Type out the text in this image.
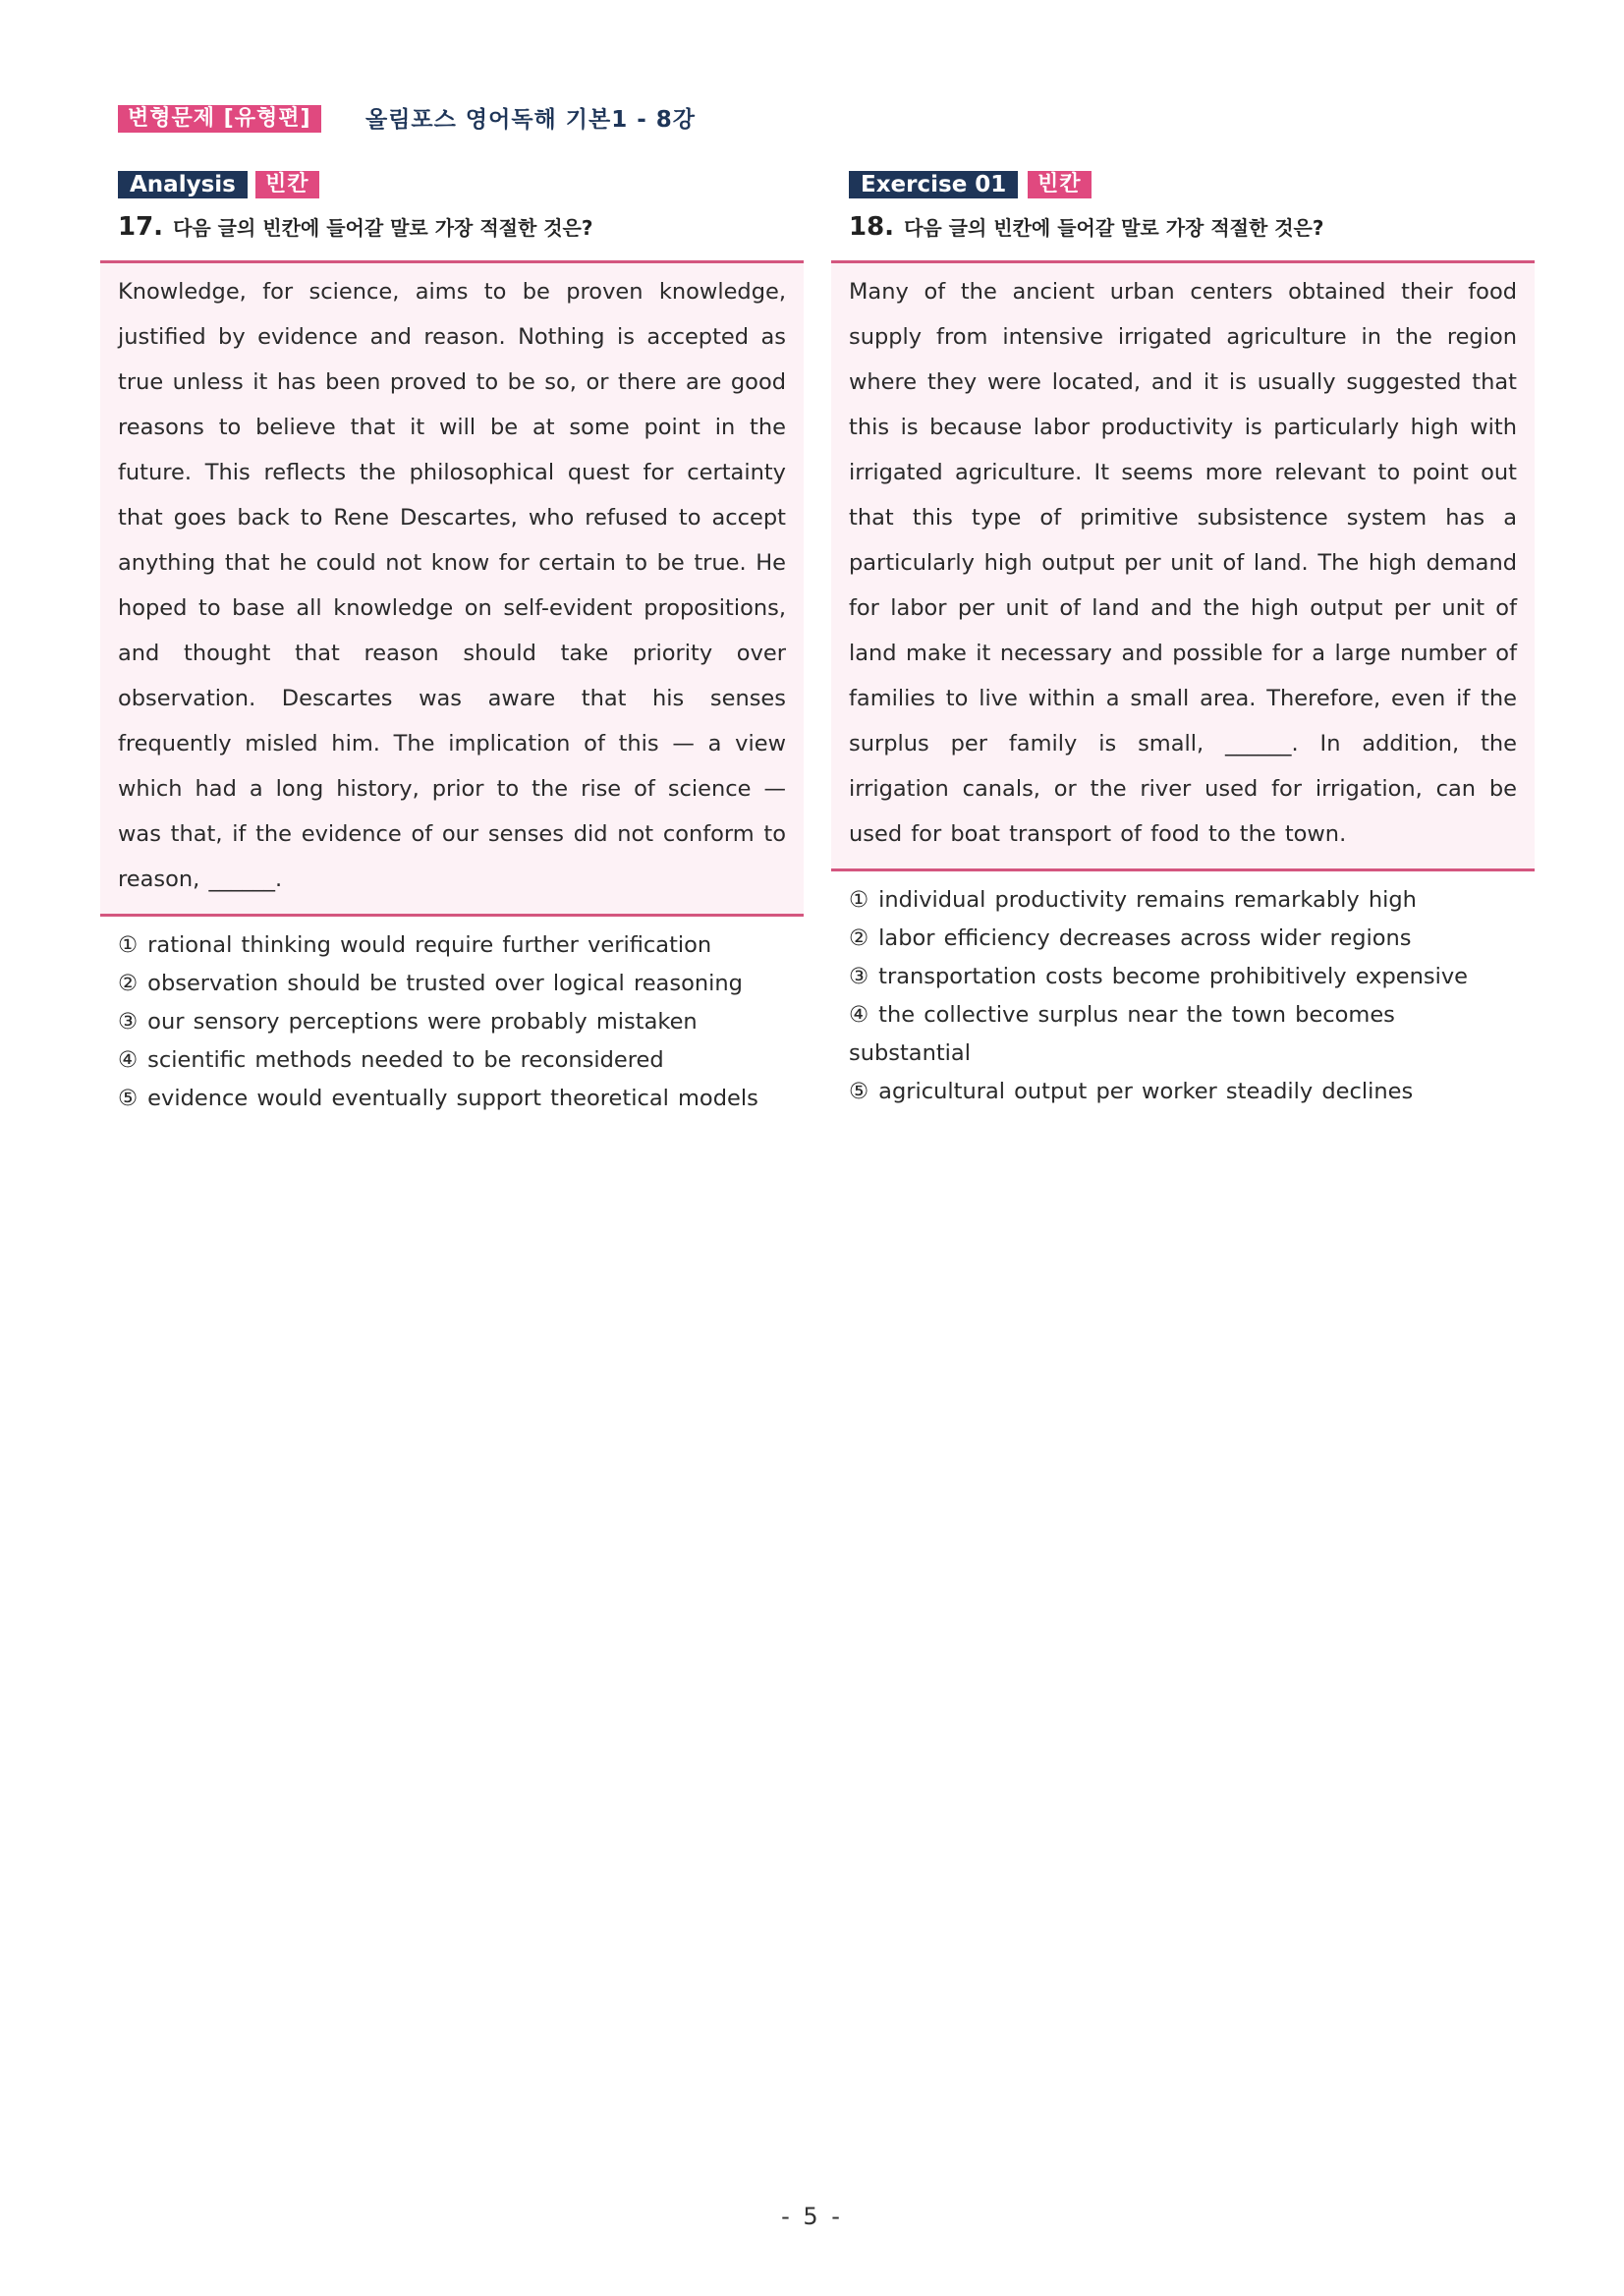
변형문제 [유형편]	올림포스 영어독해 기본1 - 8강
Analysis	빈칸
17. 다음 글의 빈칸에 들어갈 말로 가장 적절한 것은?

Knowledge, for science, aims to be proven knowledge, justified by evidence and reason. Nothing is accepted as true unless it has been proved to be so, or there are good reasons to believe that it will be at some point in the future. This reflects the philosophical quest for certainty that goes back to Rene Descartes, who refused to accept anything that he could not know for certain to be true. He hoped to base all knowledge on self-evident propositions, and thought that reason should take priority over observation. Descartes was aware that his senses frequently misled him. The implication of this — a view which had a long history, prior to the rise of science — was that, if the evidence of our senses did not conform to reason, ______.

① rational thinking would require further verification
② observation should be trusted over logical reasoning
③ our sensory perceptions were probably mistaken
④ scientific methods needed to be reconsidered
⑤ evidence would eventually support theoretical models
Exercise 01	빈칸
18. 다음 글의 빈칸에 들어갈 말로 가장 적절한 것은?

Many of the ancient urban centers obtained their food supply from intensive irrigated agriculture in the region where they were located, and it is usually suggested that this is because labor productivity is particularly high with irrigated agriculture. It seems more relevant to point out that this type of primitive subsistence system has a particularly high output per unit of land. The high demand for labor per unit of land and the high output per unit of land make it necessary and possible for a large number of families to live within a small area. Therefore, even if the surplus per family is small, ______. In addition, the irrigation canals, or the river used for irrigation, can be used for boat transport of food to the town.

① individual productivity remains remarkably high
② labor efficiency decreases across wider regions
③ transportation costs become prohibitively expensive
④ the collective surplus near the town becomes substantial
⑤ agricultural output per worker steadily declines
- 5 -
